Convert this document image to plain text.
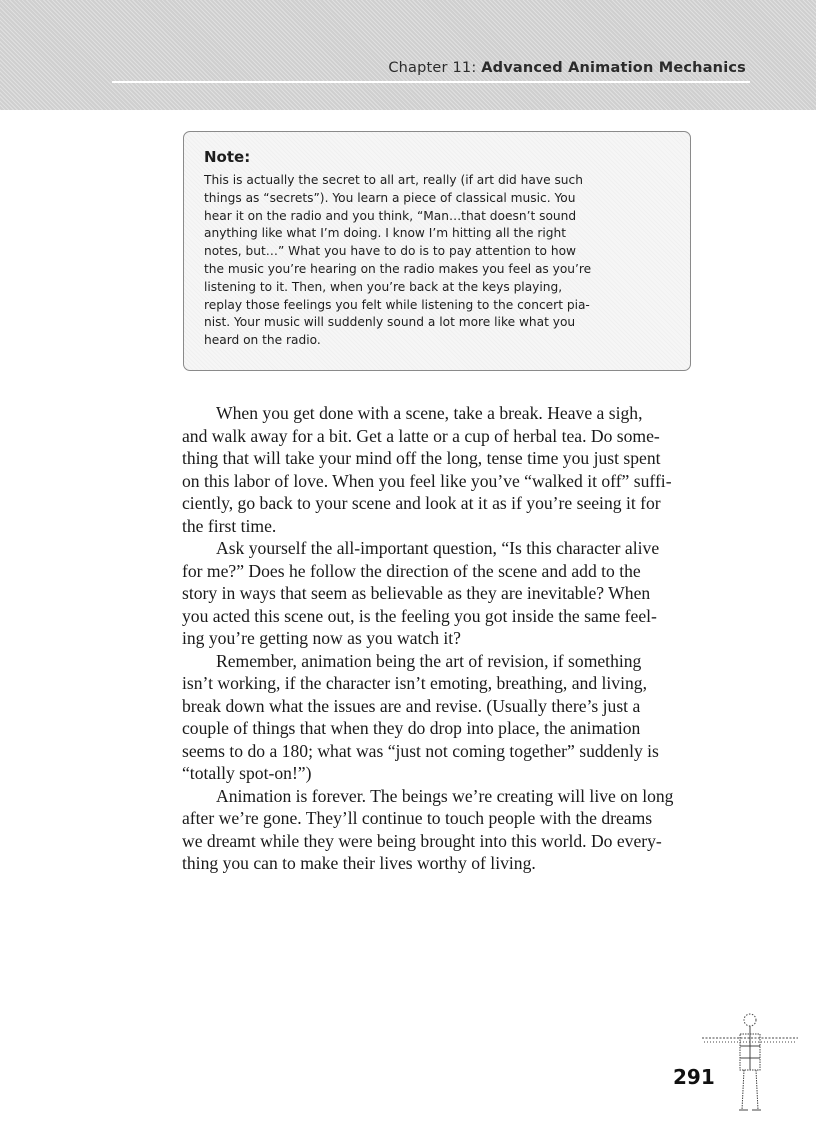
Chapter 11: Advanced Animation Mechanics
Note:
This is actually the secret to all art, really (if art did have such
things as “secrets”). You learn a piece of classical music. You
hear it on the radio and you think, “Man…that doesn’t sound
anything like what I’m doing. I know I’m hitting all the right
notes, but…” What you have to do is to pay attention to how
the music you’re hearing on the radio makes you feel as you’re
listening to it. Then, when you’re back at the keys playing,
replay those feelings you felt while listening to the concert pia-
nist. Your music will suddenly sound a lot more like what you
heard on the radio.
When you get done with a scene, take a break. Heave a sigh,
and walk away for a bit. Get a latte or a cup of herbal tea. Do some-
thing that will take your mind off the long, tense time you just spent
on this labor of love. When you feel like you’ve “walked it off” suffi-
ciently, go back to your scene and look at it as if you’re seeing it for
the first time.
Ask yourself the all-important question, “Is this character alive
for me?” Does he follow the direction of the scene and add to the
story in ways that seem as believable as they are inevitable? When
you acted this scene out, is the feeling you got inside the same feel-
ing you’re getting now as you watch it?
Remember, animation being the art of revision, if something
isn’t working, if the character isn’t emoting, breathing, and living,
break down what the issues are and revise. (Usually there’s just a
couple of things that when they do drop into place, the animation
seems to do a 180; what was “just not coming together” suddenly is
“totally spot-on!”)
Animation is forever. The beings we’re creating will live on long
after we’re gone. They’ll continue to touch people with the dreams
we dreamt while they were being brought into this world. Do every-
thing you can to make their lives worthy of living.
291
